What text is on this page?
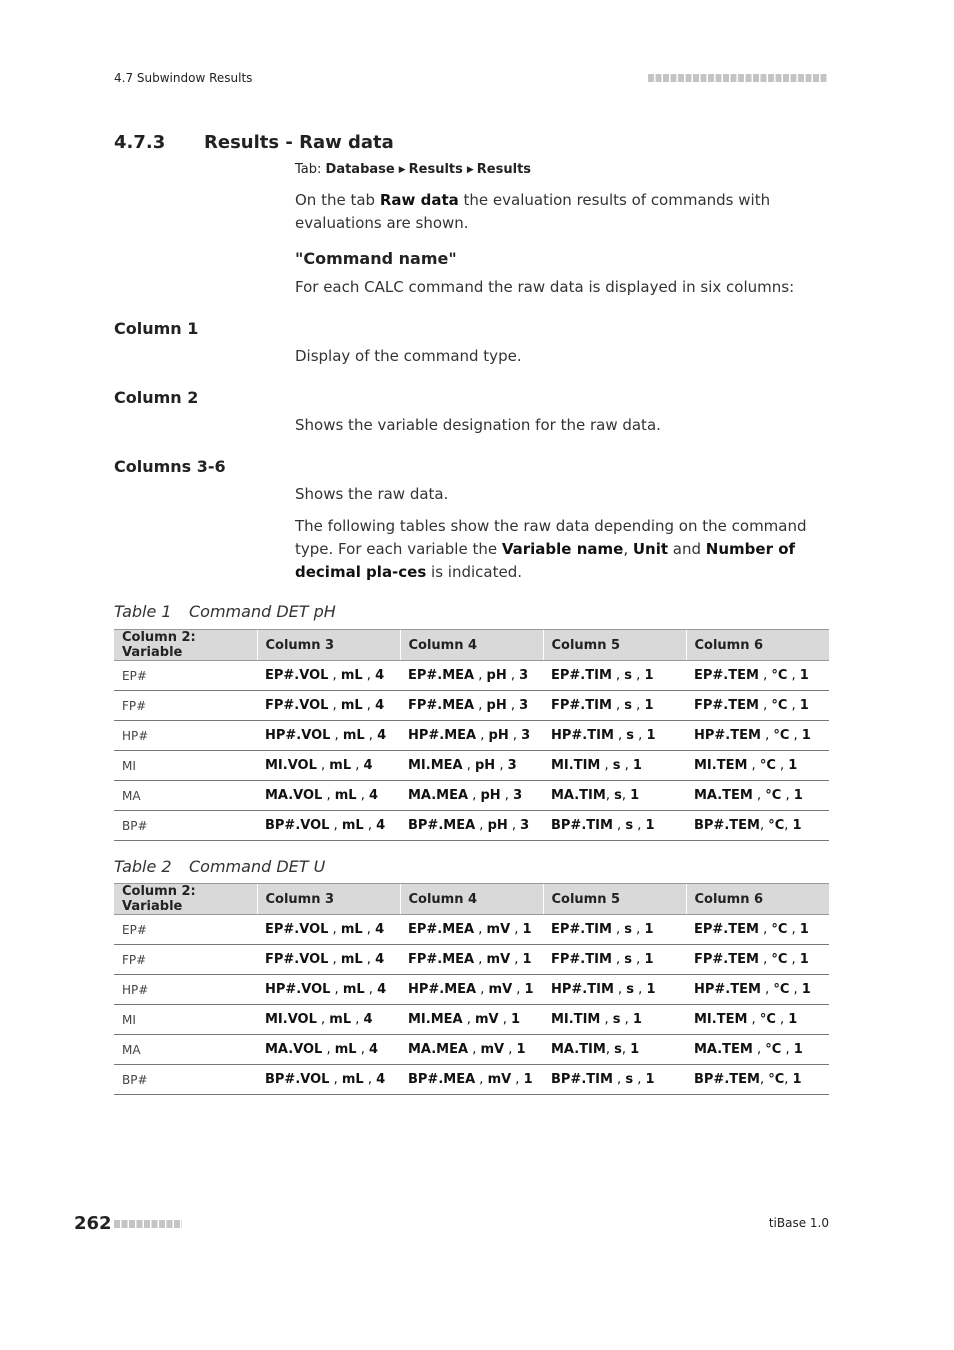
4.7 Subwindow Results
4.7.3 Results - Raw data
Tab: Database ▶ Results ▶ Results
On the tab Raw data the evaluation results of commands with evaluations are shown.
"Command name"
For each CALC command the raw data is displayed in six columns:
Column 1
Display of the command type.
Column 2
Shows the variable designation for the raw data.
Columns 3-6
Shows the raw data.
The following tables show the raw data depending on the command type. For each variable the Variable name, Unit and Number of decimal pla-ces is indicated.
Table 1 Command DET pH
Column 2: Variable	Column 3	Column 4	Column 5	Column 6
EP#	EP#.VOL , mL , 4	EP#.MEA , pH , 3	EP#.TIM , s , 1	EP#.TEM , °C , 1
FP#	FP#.VOL , mL , 4	FP#.MEA , pH , 3	FP#.TIM , s , 1	FP#.TEM , °C , 1
HP#	HP#.VOL , mL , 4	HP#.MEA , pH , 3	HP#.TIM , s , 1	HP#.TEM , °C , 1
MI	MI.VOL , mL , 4	MI.MEA , pH , 3	MI.TIM , s , 1	MI.TEM , °C , 1
MA	MA.VOL , mL , 4	MA.MEA , pH , 3	MA.TIM, s, 1	MA.TEM , °C , 1
BP#	BP#.VOL , mL , 4	BP#.MEA , pH , 3	BP#.TIM , s , 1	BP#.TEM, °C, 1
Table 2 Command DET U
Column 2: Variable	Column 3	Column 4	Column 5	Column 6
EP#	EP#.VOL , mL , 4	EP#.MEA , mV , 1	EP#.TIM , s , 1	EP#.TEM , °C , 1
FP#	FP#.VOL , mL , 4	FP#.MEA , mV , 1	FP#.TIM , s , 1	FP#.TEM , °C , 1
HP#	HP#.VOL , mL , 4	HP#.MEA , mV , 1	HP#.TIM , s , 1	HP#.TEM , °C , 1
MI	MI.VOL , mL , 4	MI.MEA , mV , 1	MI.TIM , s , 1	MI.TEM , °C , 1
MA	MA.VOL , mL , 4	MA.MEA , mV , 1	MA.TIM, s, 1	MA.TEM , °C , 1
BP#	BP#.VOL , mL , 4	BP#.MEA , mV , 1	BP#.TIM , s , 1	BP#.TEM, °C, 1
262	tiBase 1.0
